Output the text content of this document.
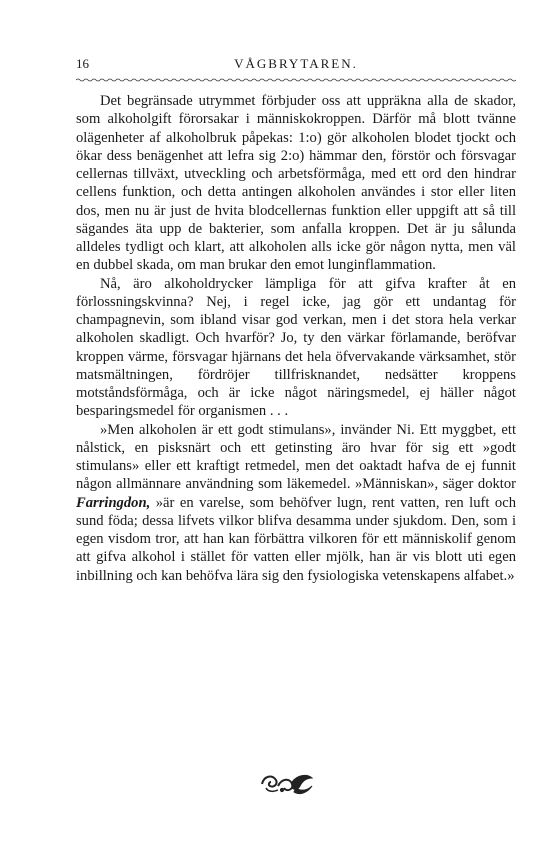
16	VÅGBRYTAREN.

Det begränsade utrymmet förbjuder oss att uppräkna alla de skador, som alkoholgift förorsakar i människokroppen. Därför må blott tvänne olägenheter af alkoholbruk påpekas: 1:o) gör alkoholen blodet tjockt och ökar dess benägenhet att lefra sig 2:o) hämmar den, förstör och försvagar cellernas tillväxt, utveckling och arbetsförmåga, med ett ord den hindrar cellens funktion, och detta antingen alkoholen användes i stor eller liten dos, men nu är just de hvita blodcellernas funktion eller uppgift att så till sägandes äta upp de bakterier, som anfalla kroppen. Det är ju sålunda alldeles tydligt och klart, att alkoholen alls icke gör någon nytta, men väl en dubbel skada, om man brukar den emot lunginflammation.

Nå, äro alkoholdrycker lämpliga för att gifva krafter åt en förlossningskvinna? Nej, i regel icke, jag gör ett undantag för champagnevin, som ibland visar god verkan, men i det stora hela verkar alkoholen skadligt. Och hvarför? Jo, ty den värkar förlamande, beröfvar kroppen värme, försvagar hjärnans det hela öfvervakande värksamhet, stör matsmältningen, fördröjer tillfrisknandet, nedsätter kroppens motståndsförmåga, och är icke något näringsmedel, ej häller något besparingsmedel för organismen . . .

»Men alkoholen är ett godt stimulans», invänder Ni. Ett myggbet, ett nålstick, en pisksnärt och ett getinsting äro hvar för sig ett »godt stimulans» eller ett kraftigt retmedel, men det oaktadt hafva de ej funnit någon allmännare användning som läkemedel. »Människan», säger doktor Farringdon, »är en varelse, som behöfver lugn, rent vatten, ren luft och sund föda; dessa lifvets vilkor blifva desamma under sjukdom. Den, som i egen visdom tror, att han kan förbättra vilkoren för ett människolif genom att gifva alkohol i stället för vatten eller mjölk, han är vis blott uti egen inbillning och kan behöfva lära sig den fysiologiska vetenskapens alfabet.»
